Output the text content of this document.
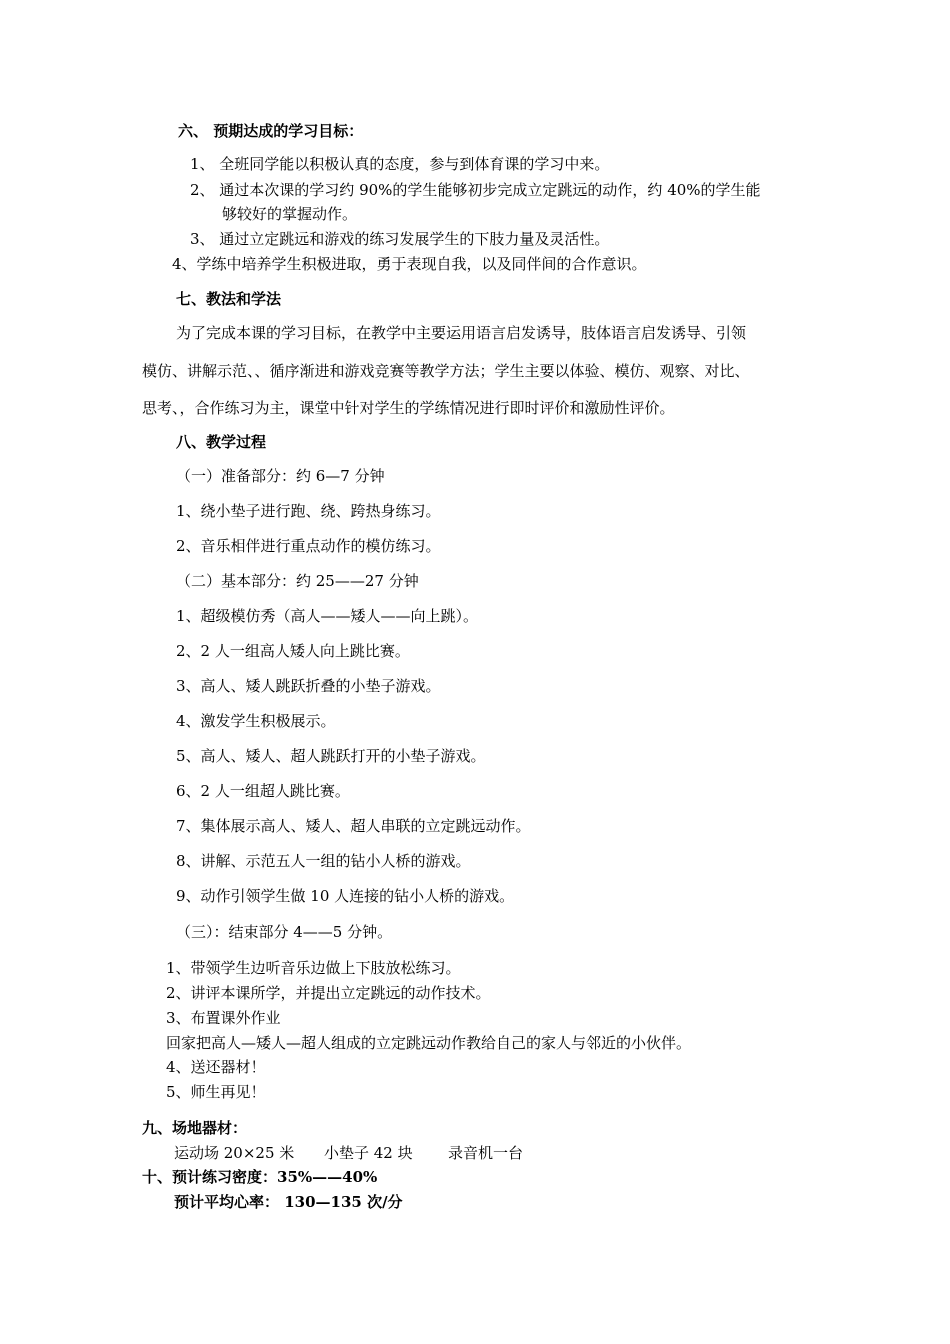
六、 预期达成的学习目标：
1、 全班同学能以积极认真的态度，参与到体育课的学习中来。
2、 通过本次课的学习约 90%的学生能够初步完成立定跳远的动作，约 40%的学生能
够较好的掌握动作。
3、 通过立定跳远和游戏的练习发展学生的下肢力量及灵活性。
4、学练中培养学生积极进取，勇于表现自我，以及同伴间的合作意识。
七、教法和学法
为了完成本课的学习目标，在教学中主要运用语言启发诱导，肢体语言启发诱导、引领
模仿、讲解示范、、循序渐进和游戏竞赛等教学方法；学生主要以体验、模仿、观察、对比、
思考、，合作练习为主，课堂中针对学生的学练情况进行即时评价和激励性评价。
八、教学过程
（一）准备部分：约 6—7 分钟
1、绕小垫子进行跑、绕、跨热身练习。
2、音乐相伴进行重点动作的模仿练习。
（二）基本部分：约 25——27 分钟
1、超级模仿秀（高人——矮人——向上跳）。
2、2 人一组高人矮人向上跳比赛。
3、高人、矮人跳跃折叠的小垫子游戏。
4、激发学生积极展示。
5、高人、矮人、超人跳跃打开的小垫子游戏。
6、2 人一组超人跳比赛。
7、集体展示高人、矮人、超人串联的立定跳远动作。
8、讲解、示范五人一组的钻小人桥的游戏。
9、动作引领学生做 10 人连接的钻小人桥的游戏。
（三）：结束部分 4——5 分钟。
1、带领学生边听音乐边做上下肢放松练习。
2、讲评本课所学，并提出立定跳远的动作技术。
3、布置课外作业
回家把高人—矮人—超人组成的立定跳远动作教给自己的家人与邻近的小伙伴。
4、送还器材！
5、师生再见！
九、场地器材：
运动场 20×25 米 小垫子 42 块 录音机一台
十、预计练习密度：35%——40%
预计平均心率： 130—135 次/分
